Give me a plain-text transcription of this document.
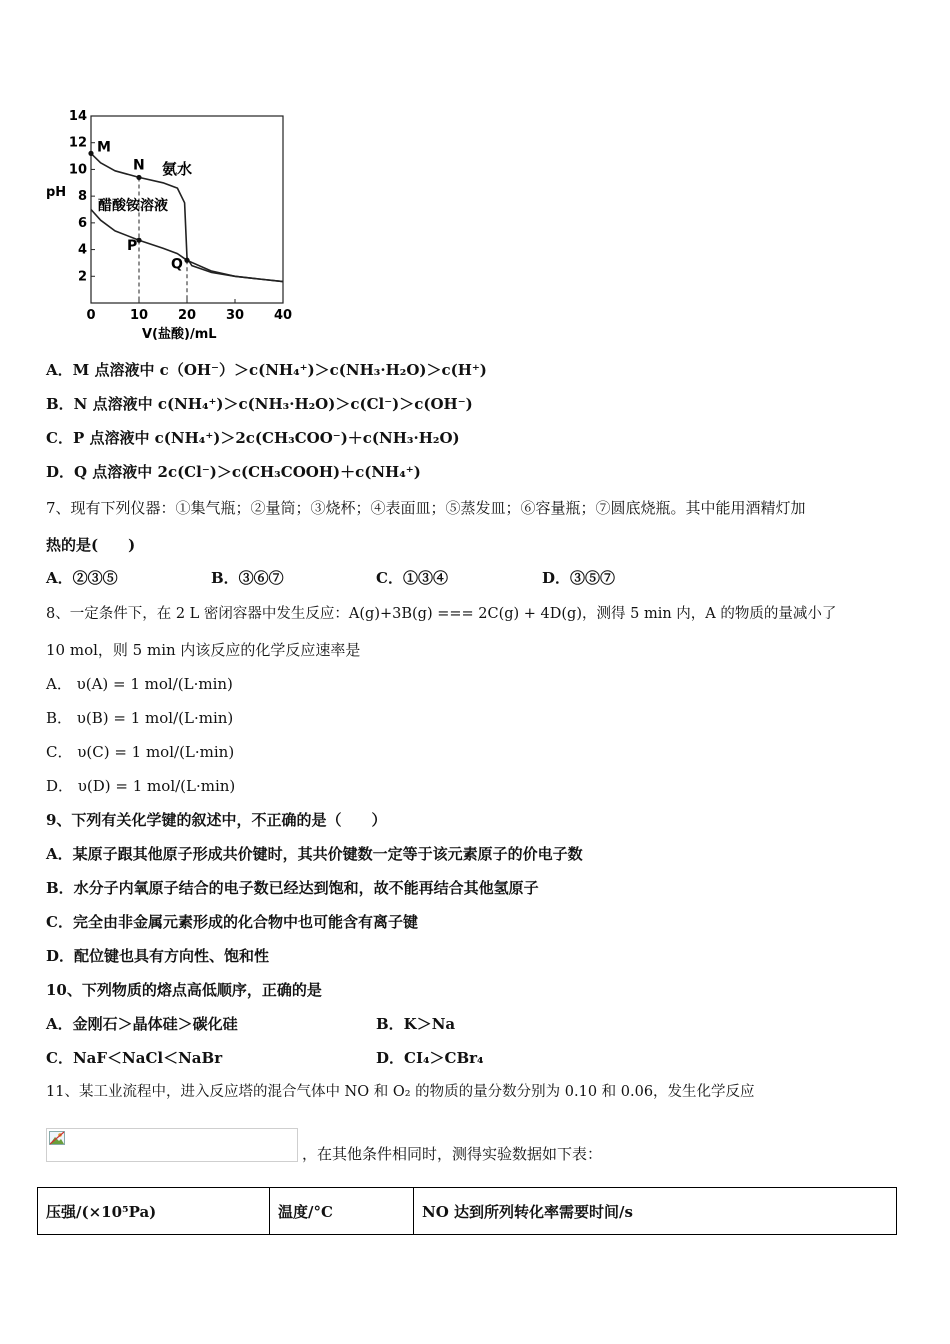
0	10 20 30 40
2
4
6
8
10
12
14
M
N
P
Q
pH
V(盐酸)/mL
氨水
醋酸铵溶液
A．M 点溶液中 c（OH⁻）＞c(NH₄⁺)＞c(NH₃·H₂O)＞c(H⁺)
B．N 点溶液中 c(NH₄⁺)＞c(NH₃·H₂O)＞c(Cl⁻)＞c(OH⁻)
C．P 点溶液中 c(NH₄⁺)＞2c(CH₃COO⁻)＋c(NH₃·H₂O)
D．Q 点溶液中 2c(Cl⁻)＞c(CH₃COOH)＋c(NH₄⁺)
7、现有下列仪器：①集气瓶；②量筒；③烧杯；④表面皿；⑤蒸发皿；⑥容量瓶；⑦圆底烧瓶。其中能用酒精灯加
热的是(　　)
A．②③⑤	B．③⑥⑦	C．①③④	D．③⑤⑦
8、一定条件下，在 2 L 密闭容器中发生反应：A(g)+3B(g) === 2C(g) + 4D(g)，测得 5 min 内，A 的物质的量减小了
10 mol，则 5 min 内该反应的化学反应速率是
A． υ(A) = 1 mol/(L·min)
B． υ(B) = 1 mol/(L·min)
C． υ(C) = 1 mol/(L·min)
D． υ(D) = 1 mol/(L·min)
9、下列有关化学键的叙述中，不正确的是（　　）
A．某原子跟其他原子形成共价键时，其共价键数一定等于该元素原子的价电子数
B．水分子内氧原子结合的电子数已经达到饱和，故不能再结合其他氢原子
C．完全由非金属元素形成的化合物中也可能含有离子键
D．配位键也具有方向性、饱和性
10、下列物质的熔点高低顺序，正确的是
A．金刚石＞晶体硅＞碳化硅	B．K＞Na
C．NaF＜NaCl＜NaBr	D．CI₄＞CBr₄
11、某工业流程中，进入反应塔的混合气体中 NO 和 O₂ 的物质的量分数分别为 0.10 和 0.06，发生化学反应
，在其他条件相同时，测得实验数据如下表：
压强/(×10⁵Pa)	温度/°C	NO 达到所列转化率需要时间/s
